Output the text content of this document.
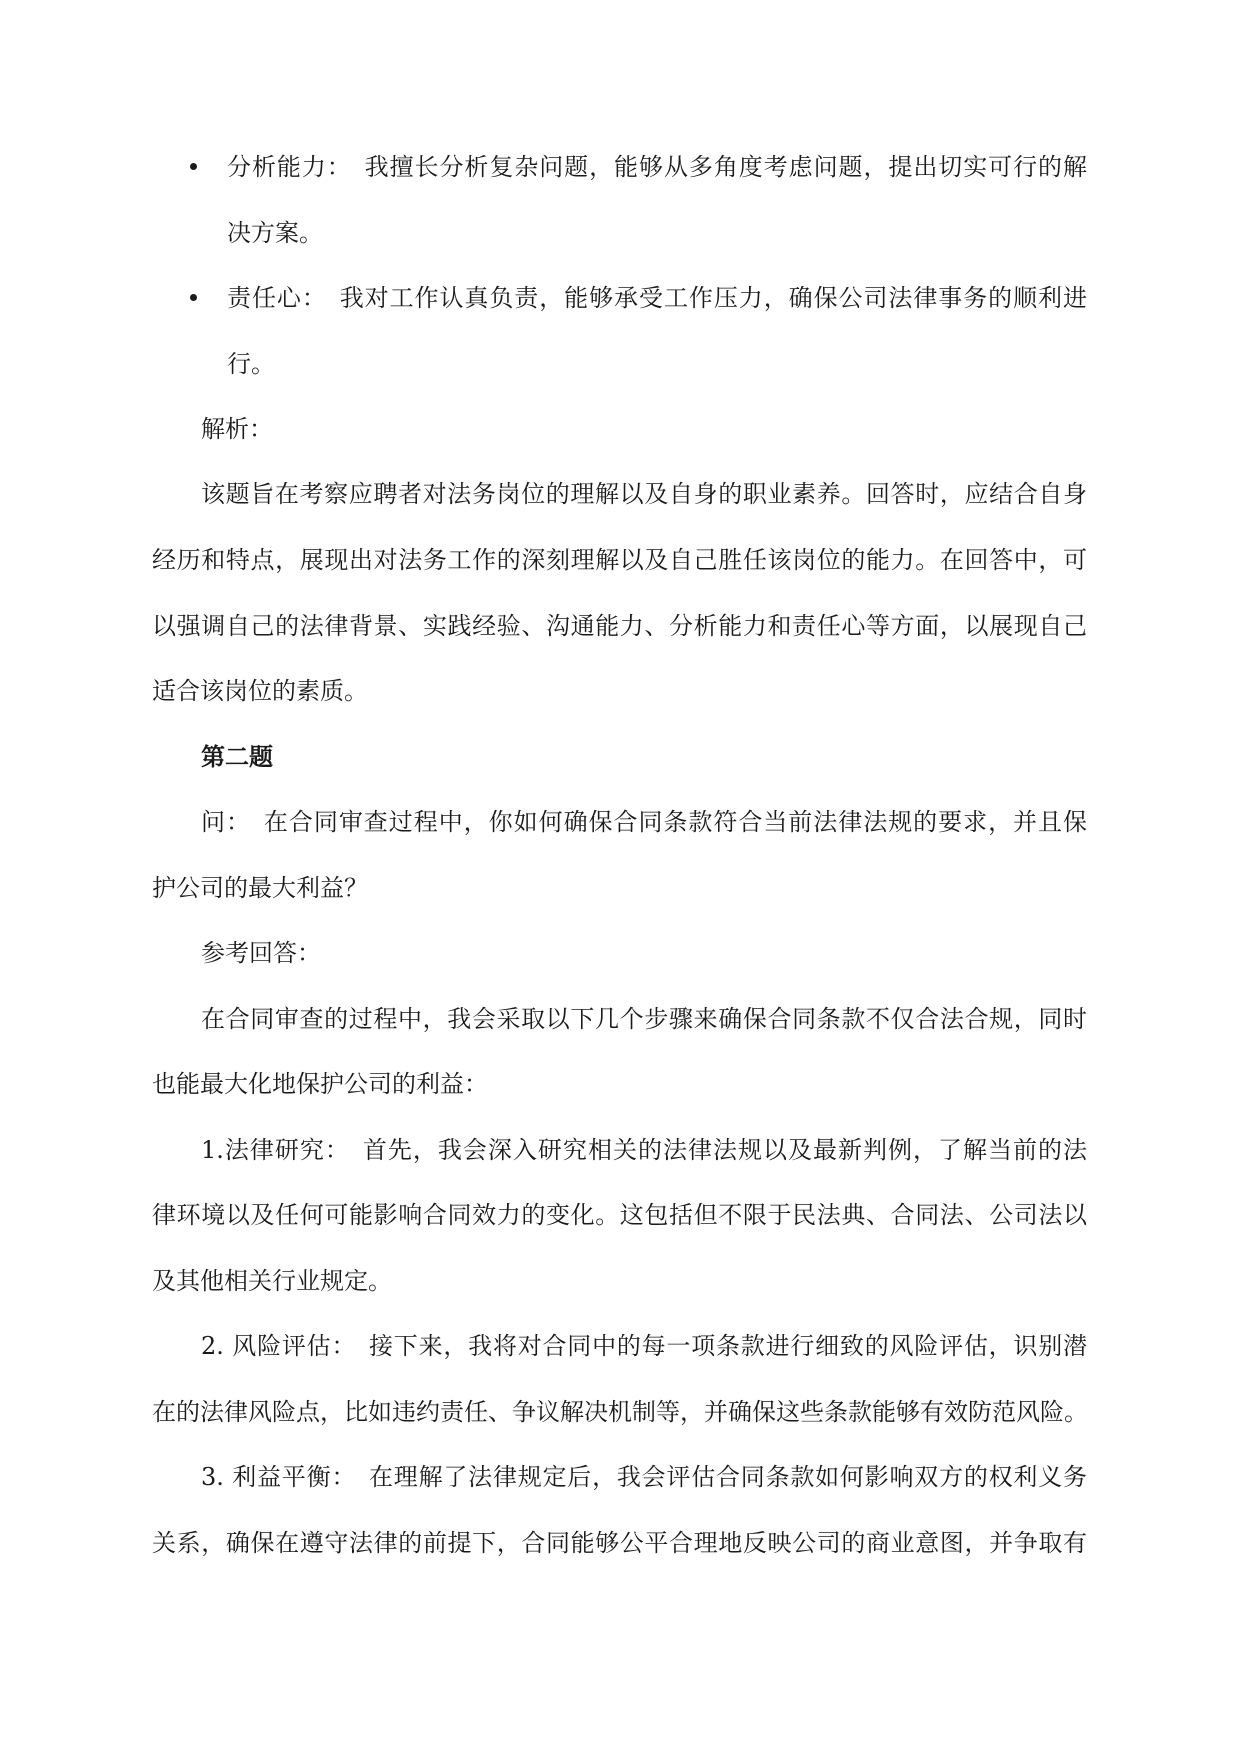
分析能力：　我擅长分析复杂问题，能够从多角度考虑问题，提出切实可行的解
决方案。
责任心：　我对工作认真负责，能够承受工作压力，确保公司法律事务的顺利进
行。
解析：
该题旨在考察应聘者对法务岗位的理解以及自身的职业素养。回答时，应结合自身
经历和特点，展现出对法务工作的深刻理解以及自己胜任该岗位的能力。在回答中，可
以强调自己的法律背景、实践经验、沟通能力、分析能力和责任心等方面，以展现自己
适合该岗位的素质。
第二题
问：　在合同审查过程中，你如何确保合同条款符合当前法律法规的要求，并且保
护公司的最大利益？
参考回答：
在合同审查的过程中，我会采取以下几个步骤来确保合同条款不仅合法合规，同时
也能最大化地保护公司的利益：
1.法律研究：　首先，我会深入研究相关的法律法规以及最新判例，了解当前的法
律环境以及任何可能影响合同效力的变化。这包括但不限于民法典、合同法、公司法以
及其他相关行业规定。
2. 风险评估：　接下来，我将对合同中的每一项条款进行细致的风险评估，识别潜
在的法律风险点，比如违约责任、争议解决机制等，并确保这些条款能够有效防范风险。
3. 利益平衡：　在理解了法律规定后，我会评估合同条款如何影响双方的权利义务
关系，确保在遵守法律的前提下，合同能够公平合理地反映公司的商业意图，并争取有
